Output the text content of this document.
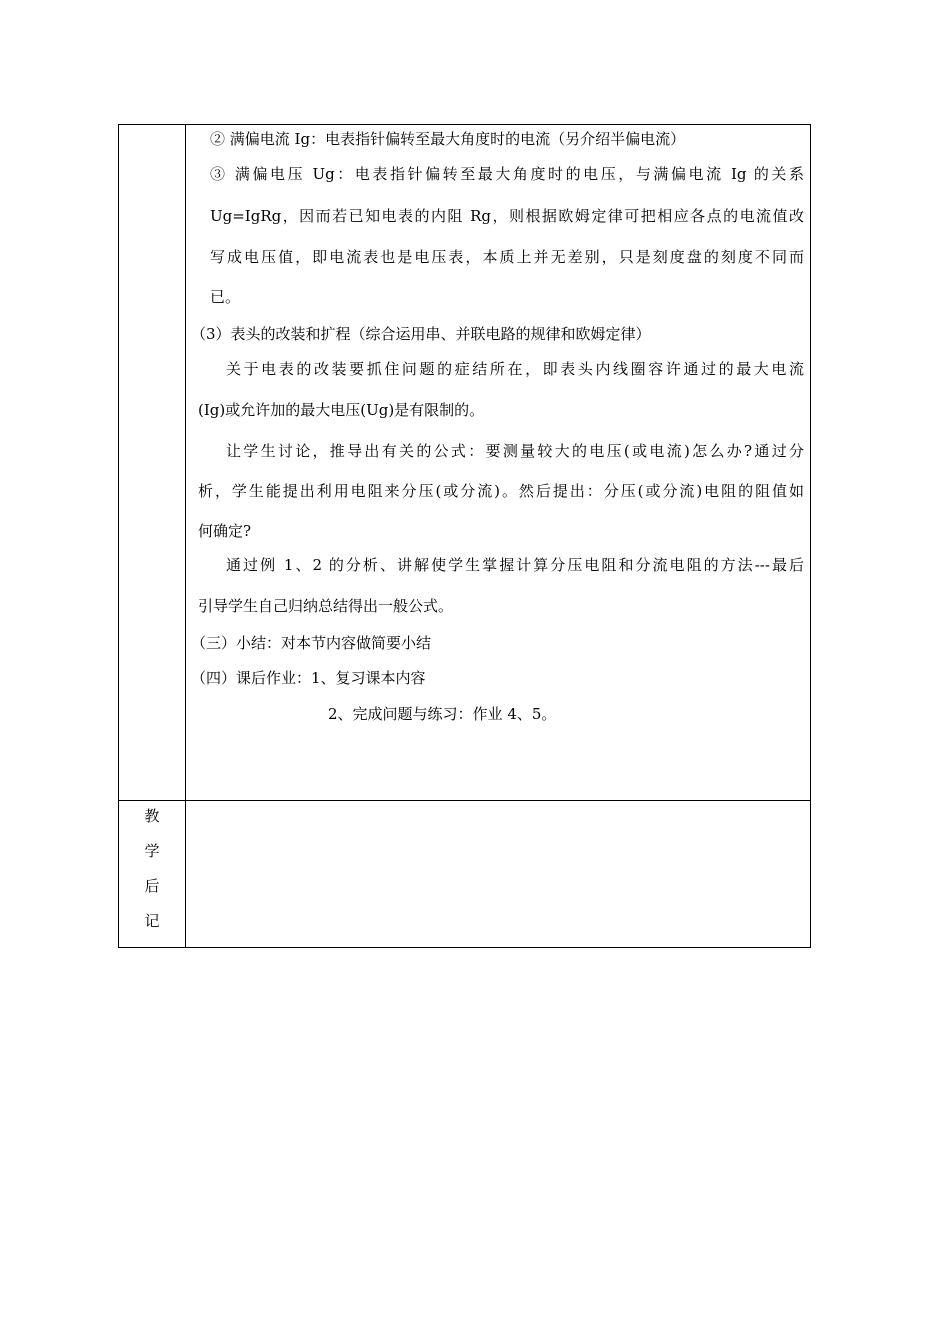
② 满偏电流 Ig：电表指针偏转至最大角度时的电流（另介绍半偏电流）
③ 满偏电压 Ug：电表指针偏转至最大角度时的电压，与满偏电流 Ig 的关系
Ug=IgRg，因而若已知电表的内阻 Rg，则根据欧姆定律可把相应各点的电流值改
写成电压值，即电流表也是电压表，本质上并无差别，只是刻度盘的刻度不同而
已。
（3）表头的改装和扩程（综合运用串、并联电路的规律和欧姆定律）
关于电表的改装要抓住问题的症结所在，即表头内线圈容许通过的最大电流
(Ig)或允许加的最大电压(Ug)是有限制的。
让学生讨论，推导出有关的公式：要测量较大的电压(或电流)怎么办?通过分
析，学生能提出利用电阻来分压(或分流)。然后提出：分压(或分流)电阻的阻值如
何确定?
通过例 1、2 的分析、讲解使学生掌握计算分压电阻和分流电阻的方法---最后
引导学生自己归纳总结得出一般公式。
（三）小结：对本节内容做简要小结
（四）课后作业：1、复习课本内容
2、完成问题与练习：作业 4、5。
教
学
后
记
